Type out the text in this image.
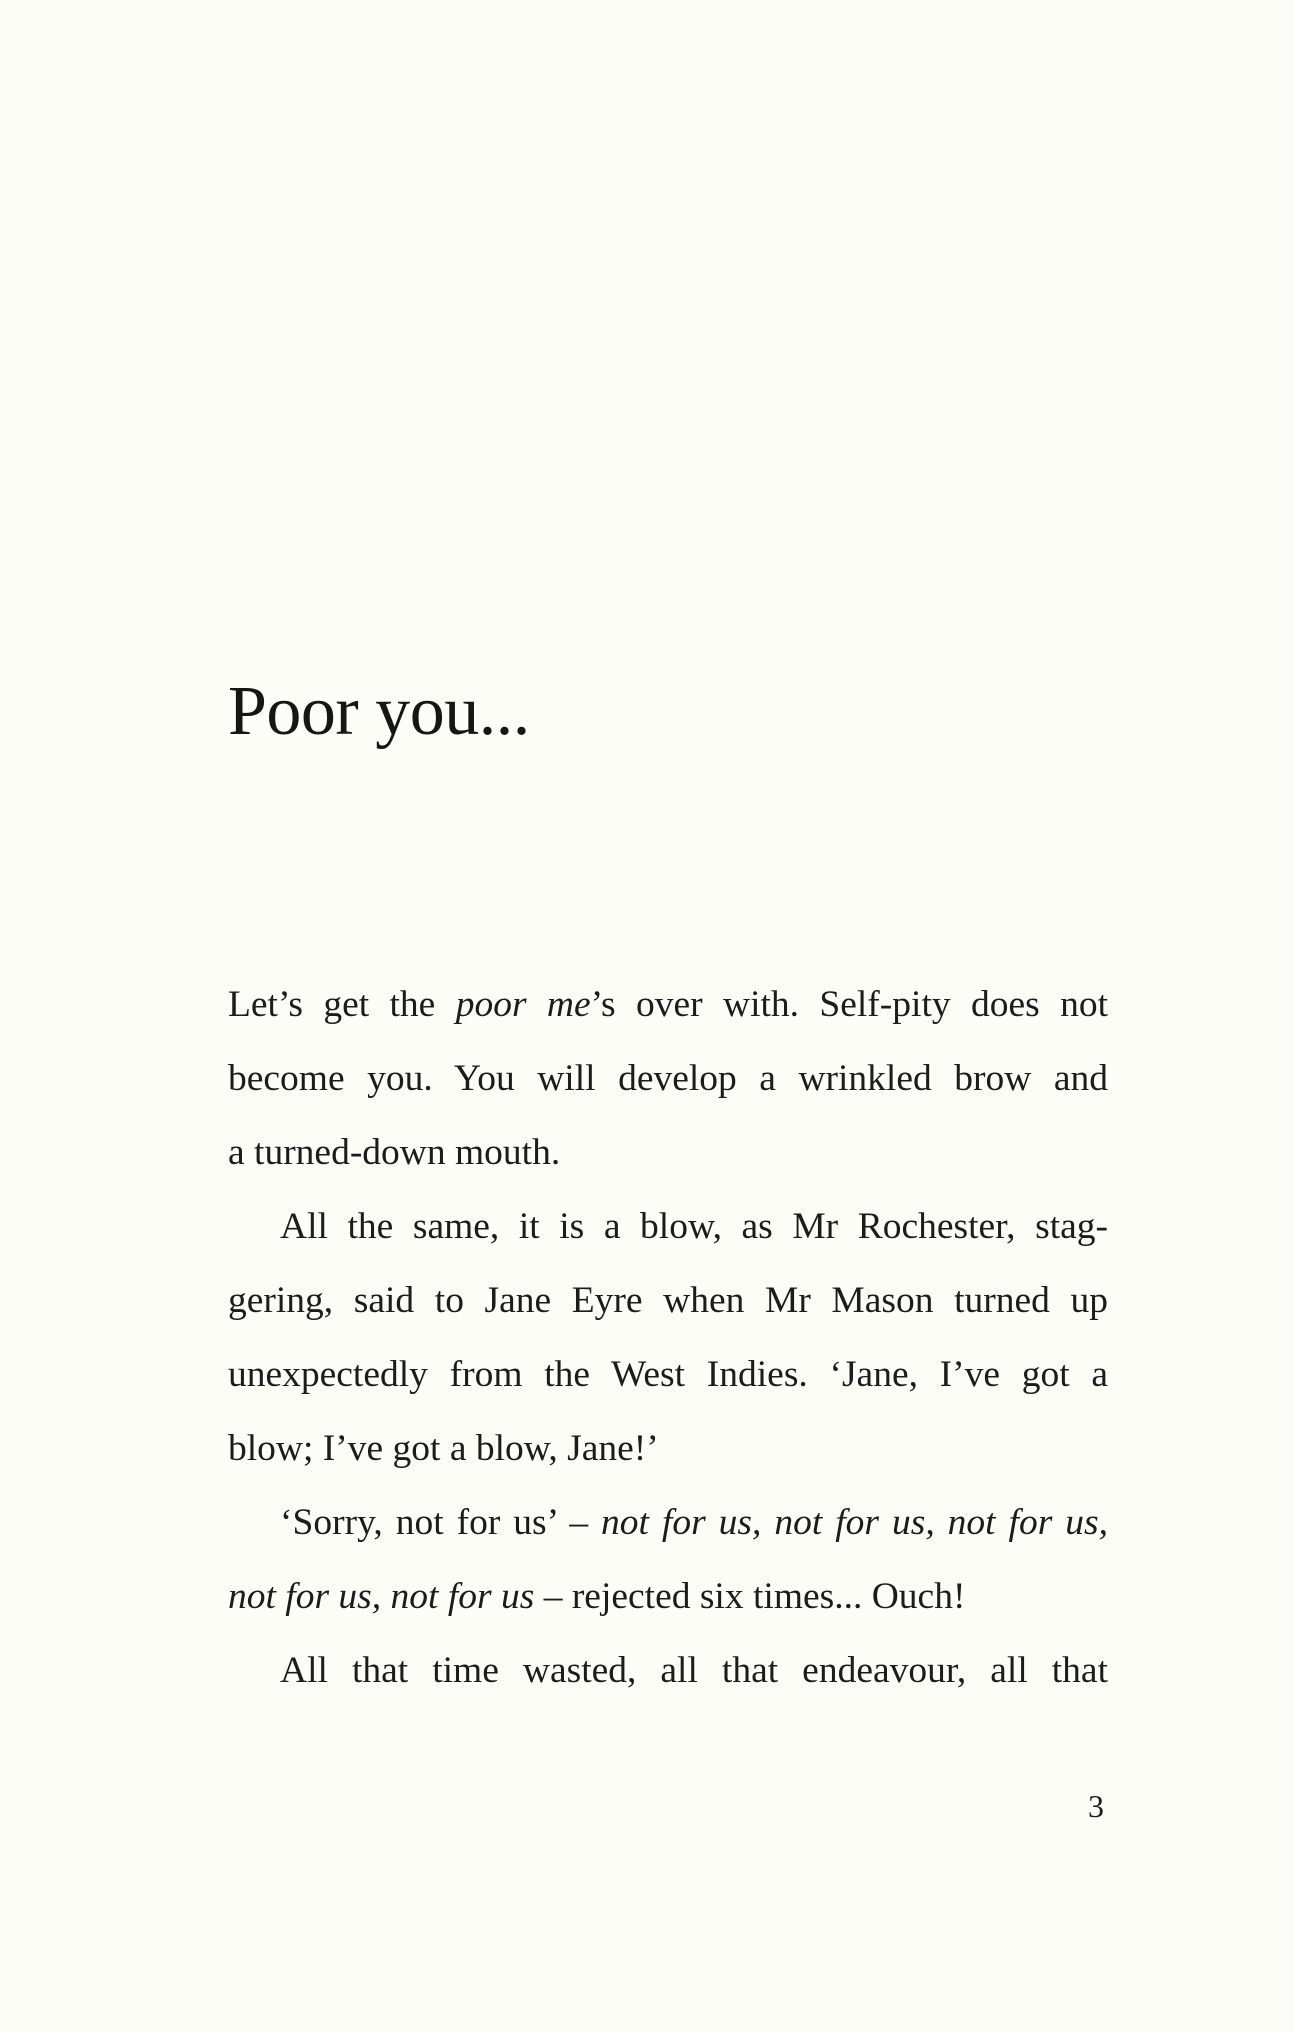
Poor you...
Let’s get the poor me’s over with. Self-pity does not
become you. You will develop a wrinkled brow and
a turned-down mouth.
All the same, it is a blow, as Mr Rochester, stag-
gering, said to Jane Eyre when Mr Mason turned up
unexpectedly from the West Indies. ‘Jane, I’ve got a
blow; I’ve got a blow, Jane!’
‘Sorry, not for us’ – not for us, not for us, not for us,
not for us, not for us – rejected six times... Ouch!
All that time wasted, all that endeavour, all that

3
